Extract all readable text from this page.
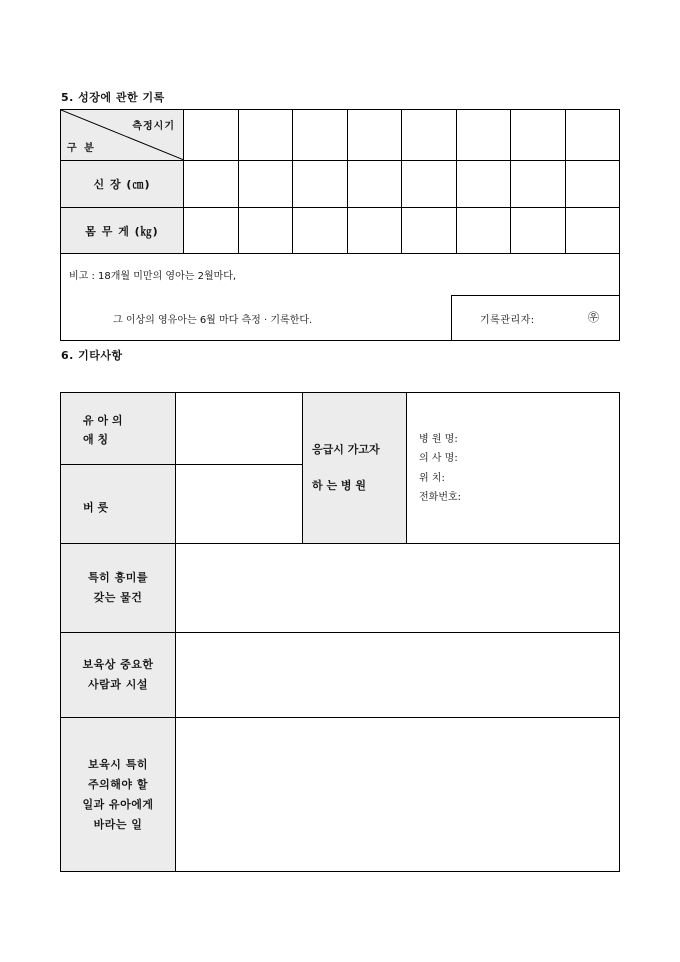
5. 성장에 관한 기록
측정시기
구 분
신 장 (㎝)
몸 무 게 (㎏)
비고 : 18개월 미만의 영아는 2월마다,
그 이상의 영유아는 6월 마다 측정 · 기록한다.	기록관리자:	㉾
6. 기타사항
유 아 의
애 칭
버 릇
응급시 가고자
하 는 병 원
병 원 명:
의 사 명:
위 치:
전화번호:
특히 흥미를
갖는 물건
보육상 중요한
사람과 시설
보육시 특히
주의해야 할
일과 유아에게
바라는 일
